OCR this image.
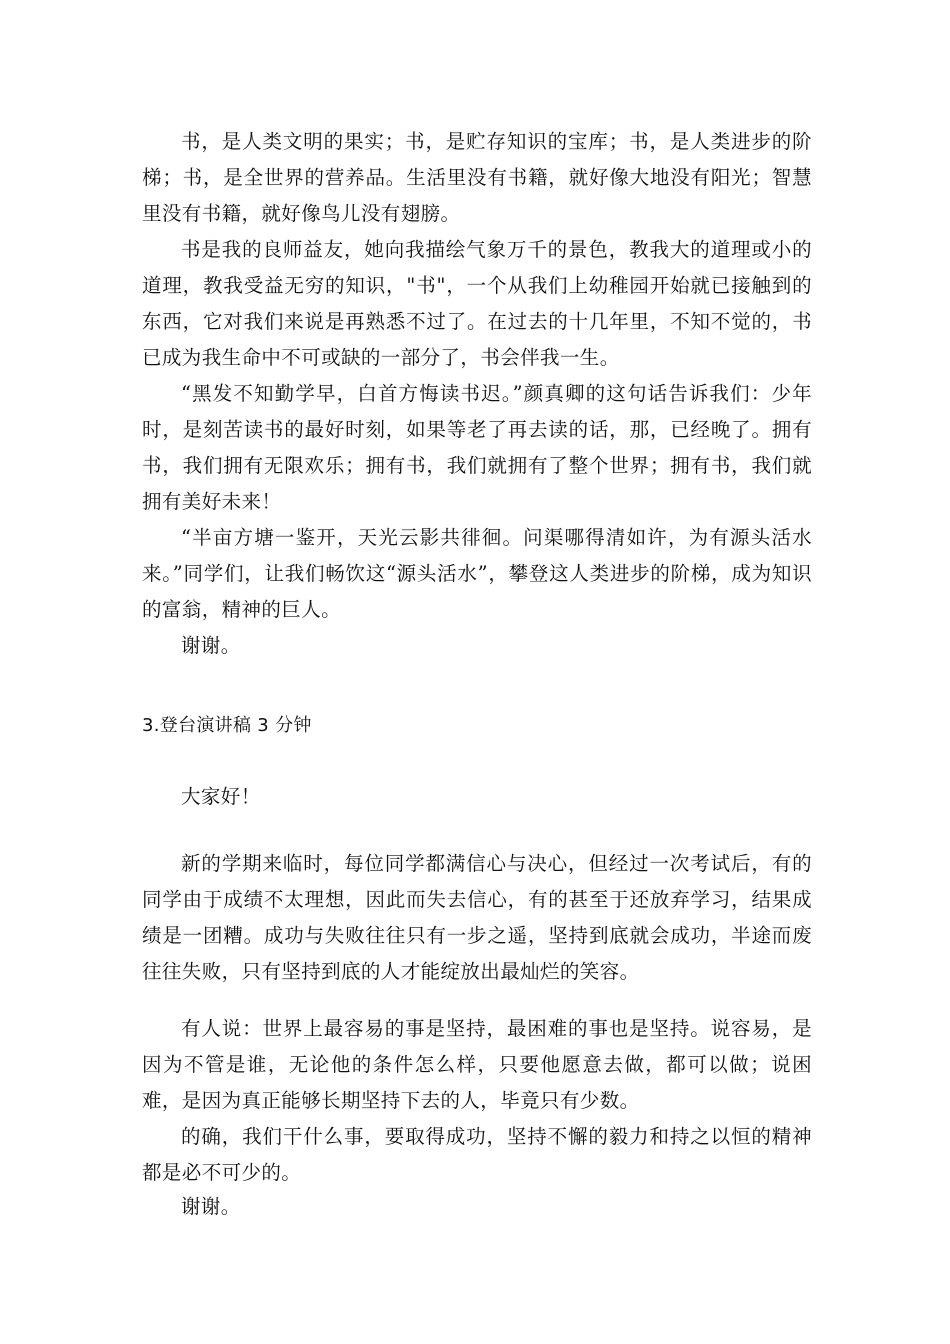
书，是人类文明的果实；书，是贮存知识的宝库；书，是人类进步的阶梯；书，是全世界的营养品。生活里没有书籍，就好像大地没有阳光；智慧里没有书籍，就好像鸟儿没有翅膀。

书是我的良师益友，她向我描绘气象万千的景色，教我大的道理或小的道理，教我受益无穷的知识，"书"，一个从我们上幼稚园开始就已接触到的东西，它对我们来说是再熟悉不过了。在过去的十几年里，不知不觉的，书已成为我生命中不可或缺的一部分了，书会伴我一生。

“黑发不知勤学早，白首方悔读书迟。”颜真卿的这句话告诉我们：少年时，是刻苦读书的最好时刻，如果等老了再去读的话，那，已经晚了。拥有书，我们拥有无限欢乐；拥有书，我们就拥有了整个世界；拥有书，我们就拥有美好未来！

“半亩方塘一鉴开，天光云影共徘徊。问渠哪得清如许，为有源头活水来。”同学们，让我们畅饮这“源头活水”，攀登这人类进步的阶梯，成为知识的富翁，精神的巨人。

谢谢。

3.登台演讲稿 3 分钟

大家好！

新的学期来临时，每位同学都满信心与决心，但经过一次考试后，有的同学由于成绩不太理想，因此而失去信心，有的甚至于还放弃学习，结果成绩是一团糟。成功与失败往往只有一步之遥，坚持到底就会成功，半途而废往往失败，只有坚持到底的人才能绽放出最灿烂的笑容。

有人说：世界上最容易的事是坚持，最困难的事也是坚持。说容易，是因为不管是谁，无论他的条件怎么样，只要他愿意去做，都可以做；说困难，是因为真正能够长期坚持下去的人，毕竟只有少数。

的确，我们干什么事，要取得成功，坚持不懈的毅力和持之以恒的精神都是必不可少的。

谢谢。
